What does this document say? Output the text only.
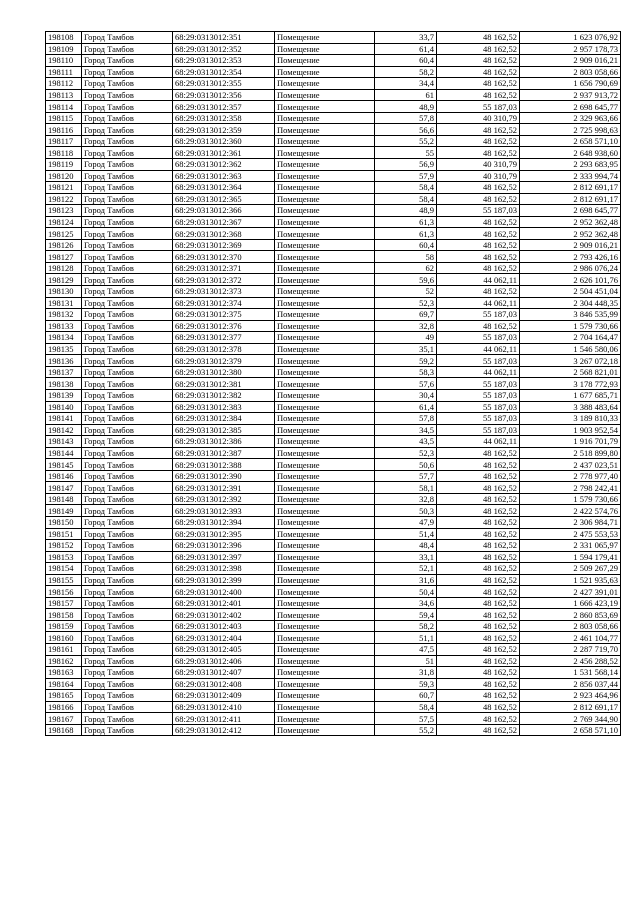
198108	Город Тамбов	68:29:0313012:351	Помещение	33,7	48 162,52	1 623 076,92
198109	Город Тамбов	68:29:0313012:352	Помещение	61,4	48 162,52	2 957 178,73
198110	Город Тамбов	68:29:0313012:353	Помещение	60,4	48 162,52	2 909 016,21
198111	Город Тамбов	68:29:0313012:354	Помещение	58,2	48 162,52	2 803 058,66
198112	Город Тамбов	68:29:0313012:355	Помещение	34,4	48 162,52	1 656 790,69
198113	Город Тамбов	68:29:0313012:356	Помещение	61	48 162,52	2 937 913,72
198114	Город Тамбов	68:29:0313012:357	Помещение	48,9	55 187,03	2 698 645,77
198115	Город Тамбов	68:29:0313012:358	Помещение	57,8	40 310,79	2 329 963,66
198116	Город Тамбов	68:29:0313012:359	Помещение	56,6	48 162,52	2 725 998,63
198117	Город Тамбов	68:29:0313012:360	Помещение	55,2	48 162,52	2 658 571,10
198118	Город Тамбов	68:29:0313012:361	Помещение	55	48 162,52	2 648 938,60
198119	Город Тамбов	68:29:0313012:362	Помещение	56,9	40 310,79	2 293 683,95
198120	Город Тамбов	68:29:0313012:363	Помещение	57,9	40 310,79	2 333 994,74
198121	Город Тамбов	68:29:0313012:364	Помещение	58,4	48 162,52	2 812 691,17
198122	Город Тамбов	68:29:0313012:365	Помещение	58,4	48 162,52	2 812 691,17
198123	Город Тамбов	68:29:0313012:366	Помещение	48,9	55 187,03	2 698 645,77
198124	Город Тамбов	68:29:0313012:367	Помещение	61,3	48 162,52	2 952 362,48
198125	Город Тамбов	68:29:0313012:368	Помещение	61,3	48 162,52	2 952 362,48
198126	Город Тамбов	68:29:0313012:369	Помещение	60,4	48 162,52	2 909 016,21
198127	Город Тамбов	68:29:0313012:370	Помещение	58	48 162,52	2 793 426,16
198128	Город Тамбов	68:29:0313012:371	Помещение	62	48 162,52	2 986 076,24
198129	Город Тамбов	68:29:0313012:372	Помещение	59,6	44 062,11	2 626 101,76
198130	Город Тамбов	68:29:0313012:373	Помещение	52	48 162,52	2 504 451,04
198131	Город Тамбов	68:29:0313012:374	Помещение	52,3	44 062,11	2 304 448,35
198132	Город Тамбов	68:29:0313012:375	Помещение	69,7	55 187,03	3 846 535,99
198133	Город Тамбов	68:29:0313012:376	Помещение	32,8	48 162,52	1 579 730,66
198134	Город Тамбов	68:29:0313012:377	Помещение	49	55 187,03	2 704 164,47
198135	Город Тамбов	68:29:0313012:378	Помещение	35,1	44 062,11	1 546 580,06
198136	Город Тамбов	68:29:0313012:379	Помещение	59,2	55 187,03	3 267 072,18
198137	Город Тамбов	68:29:0313012:380	Помещение	58,3	44 062,11	2 568 821,01
198138	Город Тамбов	68:29:0313012:381	Помещение	57,6	55 187,03	3 178 772,93
198139	Город Тамбов	68:29:0313012:382	Помещение	30,4	55 187,03	1 677 685,71
198140	Город Тамбов	68:29:0313012:383	Помещение	61,4	55 187,03	3 388 483,64
198141	Город Тамбов	68:29:0313012:384	Помещение	57,8	55 187,03	3 189 810,33
198142	Город Тамбов	68:29:0313012:385	Помещение	34,5	55 187,03	1 903 952,54
198143	Город Тамбов	68:29:0313012:386	Помещение	43,5	44 062,11	1 916 701,79
198144	Город Тамбов	68:29:0313012:387	Помещение	52,3	48 162,52	2 518 899,80
198145	Город Тамбов	68:29:0313012:388	Помещение	50,6	48 162,52	2 437 023,51
198146	Город Тамбов	68:29:0313012:390	Помещение	57,7	48 162,52	2 778 977,40
198147	Город Тамбов	68:29:0313012:391	Помещение	58,1	48 162,52	2 798 242,41
198148	Город Тамбов	68:29:0313012:392	Помещение	32,8	48 162,52	1 579 730,66
198149	Город Тамбов	68:29:0313012:393	Помещение	50,3	48 162,52	2 422 574,76
198150	Город Тамбов	68:29:0313012:394	Помещение	47,9	48 162,52	2 306 984,71
198151	Город Тамбов	68:29:0313012:395	Помещение	51,4	48 162,52	2 475 553,53
198152	Город Тамбов	68:29:0313012:396	Помещение	48,4	48 162,52	2 331 065,97
198153	Город Тамбов	68:29:0313012:397	Помещение	33,1	48 162,52	1 594 179,41
198154	Город Тамбов	68:29:0313012:398	Помещение	52,1	48 162,52	2 509 267,29
198155	Город Тамбов	68:29:0313012:399	Помещение	31,6	48 162,52	1 521 935,63
198156	Город Тамбов	68:29:0313012:400	Помещение	50,4	48 162,52	2 427 391,01
198157	Город Тамбов	68:29:0313012:401	Помещение	34,6	48 162,52	1 666 423,19
198158	Город Тамбов	68:29:0313012:402	Помещение	59,4	48 162,52	2 860 853,69
198159	Город Тамбов	68:29:0313012:403	Помещение	58,2	48 162,52	2 803 058,66
198160	Город Тамбов	68:29:0313012:404	Помещение	51,1	48 162,52	2 461 104,77
198161	Город Тамбов	68:29:0313012:405	Помещение	47,5	48 162,52	2 287 719,70
198162	Город Тамбов	68:29:0313012:406	Помещение	51	48 162,52	2 456 288,52
198163	Город Тамбов	68:29:0313012:407	Помещение	31,8	48 162,52	1 531 568,14
198164	Город Тамбов	68:29:0313012:408	Помещение	59,3	48 162,52	2 856 037,44
198165	Город Тамбов	68:29:0313012:409	Помещение	60,7	48 162,52	2 923 464,96
198166	Город Тамбов	68:29:0313012:410	Помещение	58,4	48 162,52	2 812 691,17
198167	Город Тамбов	68:29:0313012:411	Помещение	57,5	48 162,52	2 769 344,90
198168	Город Тамбов	68:29:0313012:412	Помещение	55,2	48 162,52	2 658 571,10
